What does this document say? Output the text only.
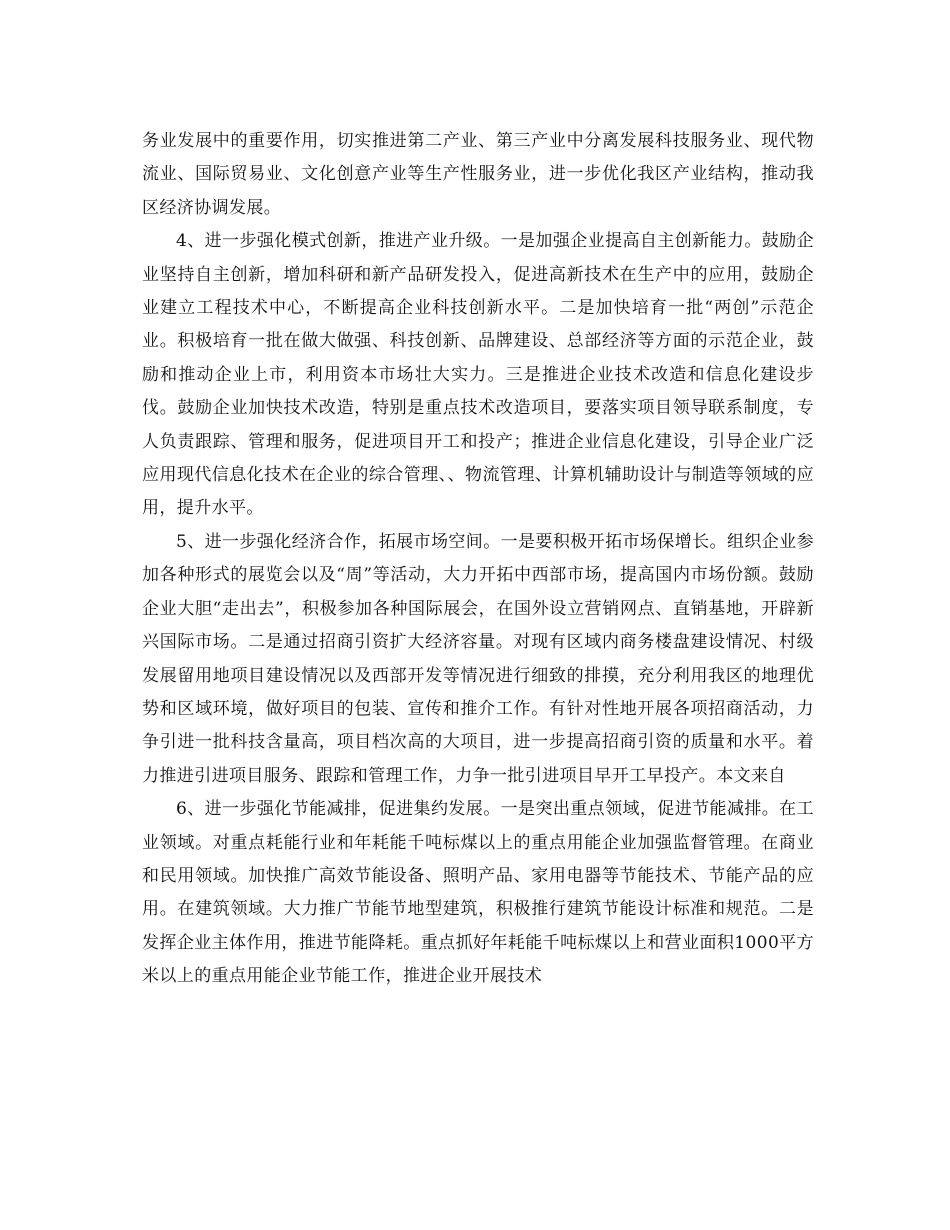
务业发展中的重要作用，切实推进第二产业、第三产业中分离发展科技服务业、现代物流业、国际贸易业、文化创意产业等生产性服务业，进一步优化我区产业结构，推动我区经济协调发展。

4、进一步强化模式创新，推进产业升级。一是加强企业提高自主创新能力。鼓励企业坚持自主创新，增加科研和新产品研发投入，促进高新技术在生产中的应用，鼓励企业建立工程技术中心，不断提高企业科技创新水平。二是加快培育一批“两创”示范企业。积极培育一批在做大做强、科技创新、品牌建设、总部经济等方面的示范企业，鼓励和推动企业上市，利用资本市场壮大实力。三是推进企业技术改造和信息化建设步伐。鼓励企业加快技术改造，特别是重点技术改造项目，要落实项目领导联系制度，专人负责跟踪、管理和服务，促进项目开工和投产；推进企业信息化建设，引导企业广泛应用现代信息化技术在企业的综合管理、、物流管理、计算机辅助设计与制造等领域的应用，提升水平。

5、进一步强化经济合作，拓展市场空间。一是要积极开拓市场保增长。组织企业参加各种形式的展览会以及“周”等活动，大力开拓中西部市场，提高国内市场份额。鼓励企业大胆“走出去”，积极参加各种国际展会，在国外设立营销网点、直销基地，开辟新兴国际市场。二是通过招商引资扩大经济容量。对现有区域内商务楼盘建设情况、村级发展留用地项目建设情况以及西部开发等情况进行细致的排摸，充分利用我区的地理优势和区域环境，做好项目的包装、宣传和推介工作。有针对性地开展各项招商活动，力争引进一批科技含量高，项目档次高的大项目，进一步提高招商引资的质量和水平。着力推进引进项目服务、跟踪和管理工作，力争一批引进项目早开工早投产。本文来自

6、进一步强化节能减排，促进集约发展。一是突出重点领域，促进节能减排。在工业领域。对重点耗能行业和年耗能千吨标煤以上的重点用能企业加强监督管理。在商业和民用领域。加快推广高效节能设备、照明产品、家用电器等节能技术、节能产品的应用。在建筑领域。大力推广节能节地型建筑，积极推行建筑节能设计标准和规范。二是发挥企业主体作用，推进节能降耗。重点抓好年耗能千吨标煤以上和营业面积1000平方米以上的重点用能企业节能工作，推进企业开展技术
